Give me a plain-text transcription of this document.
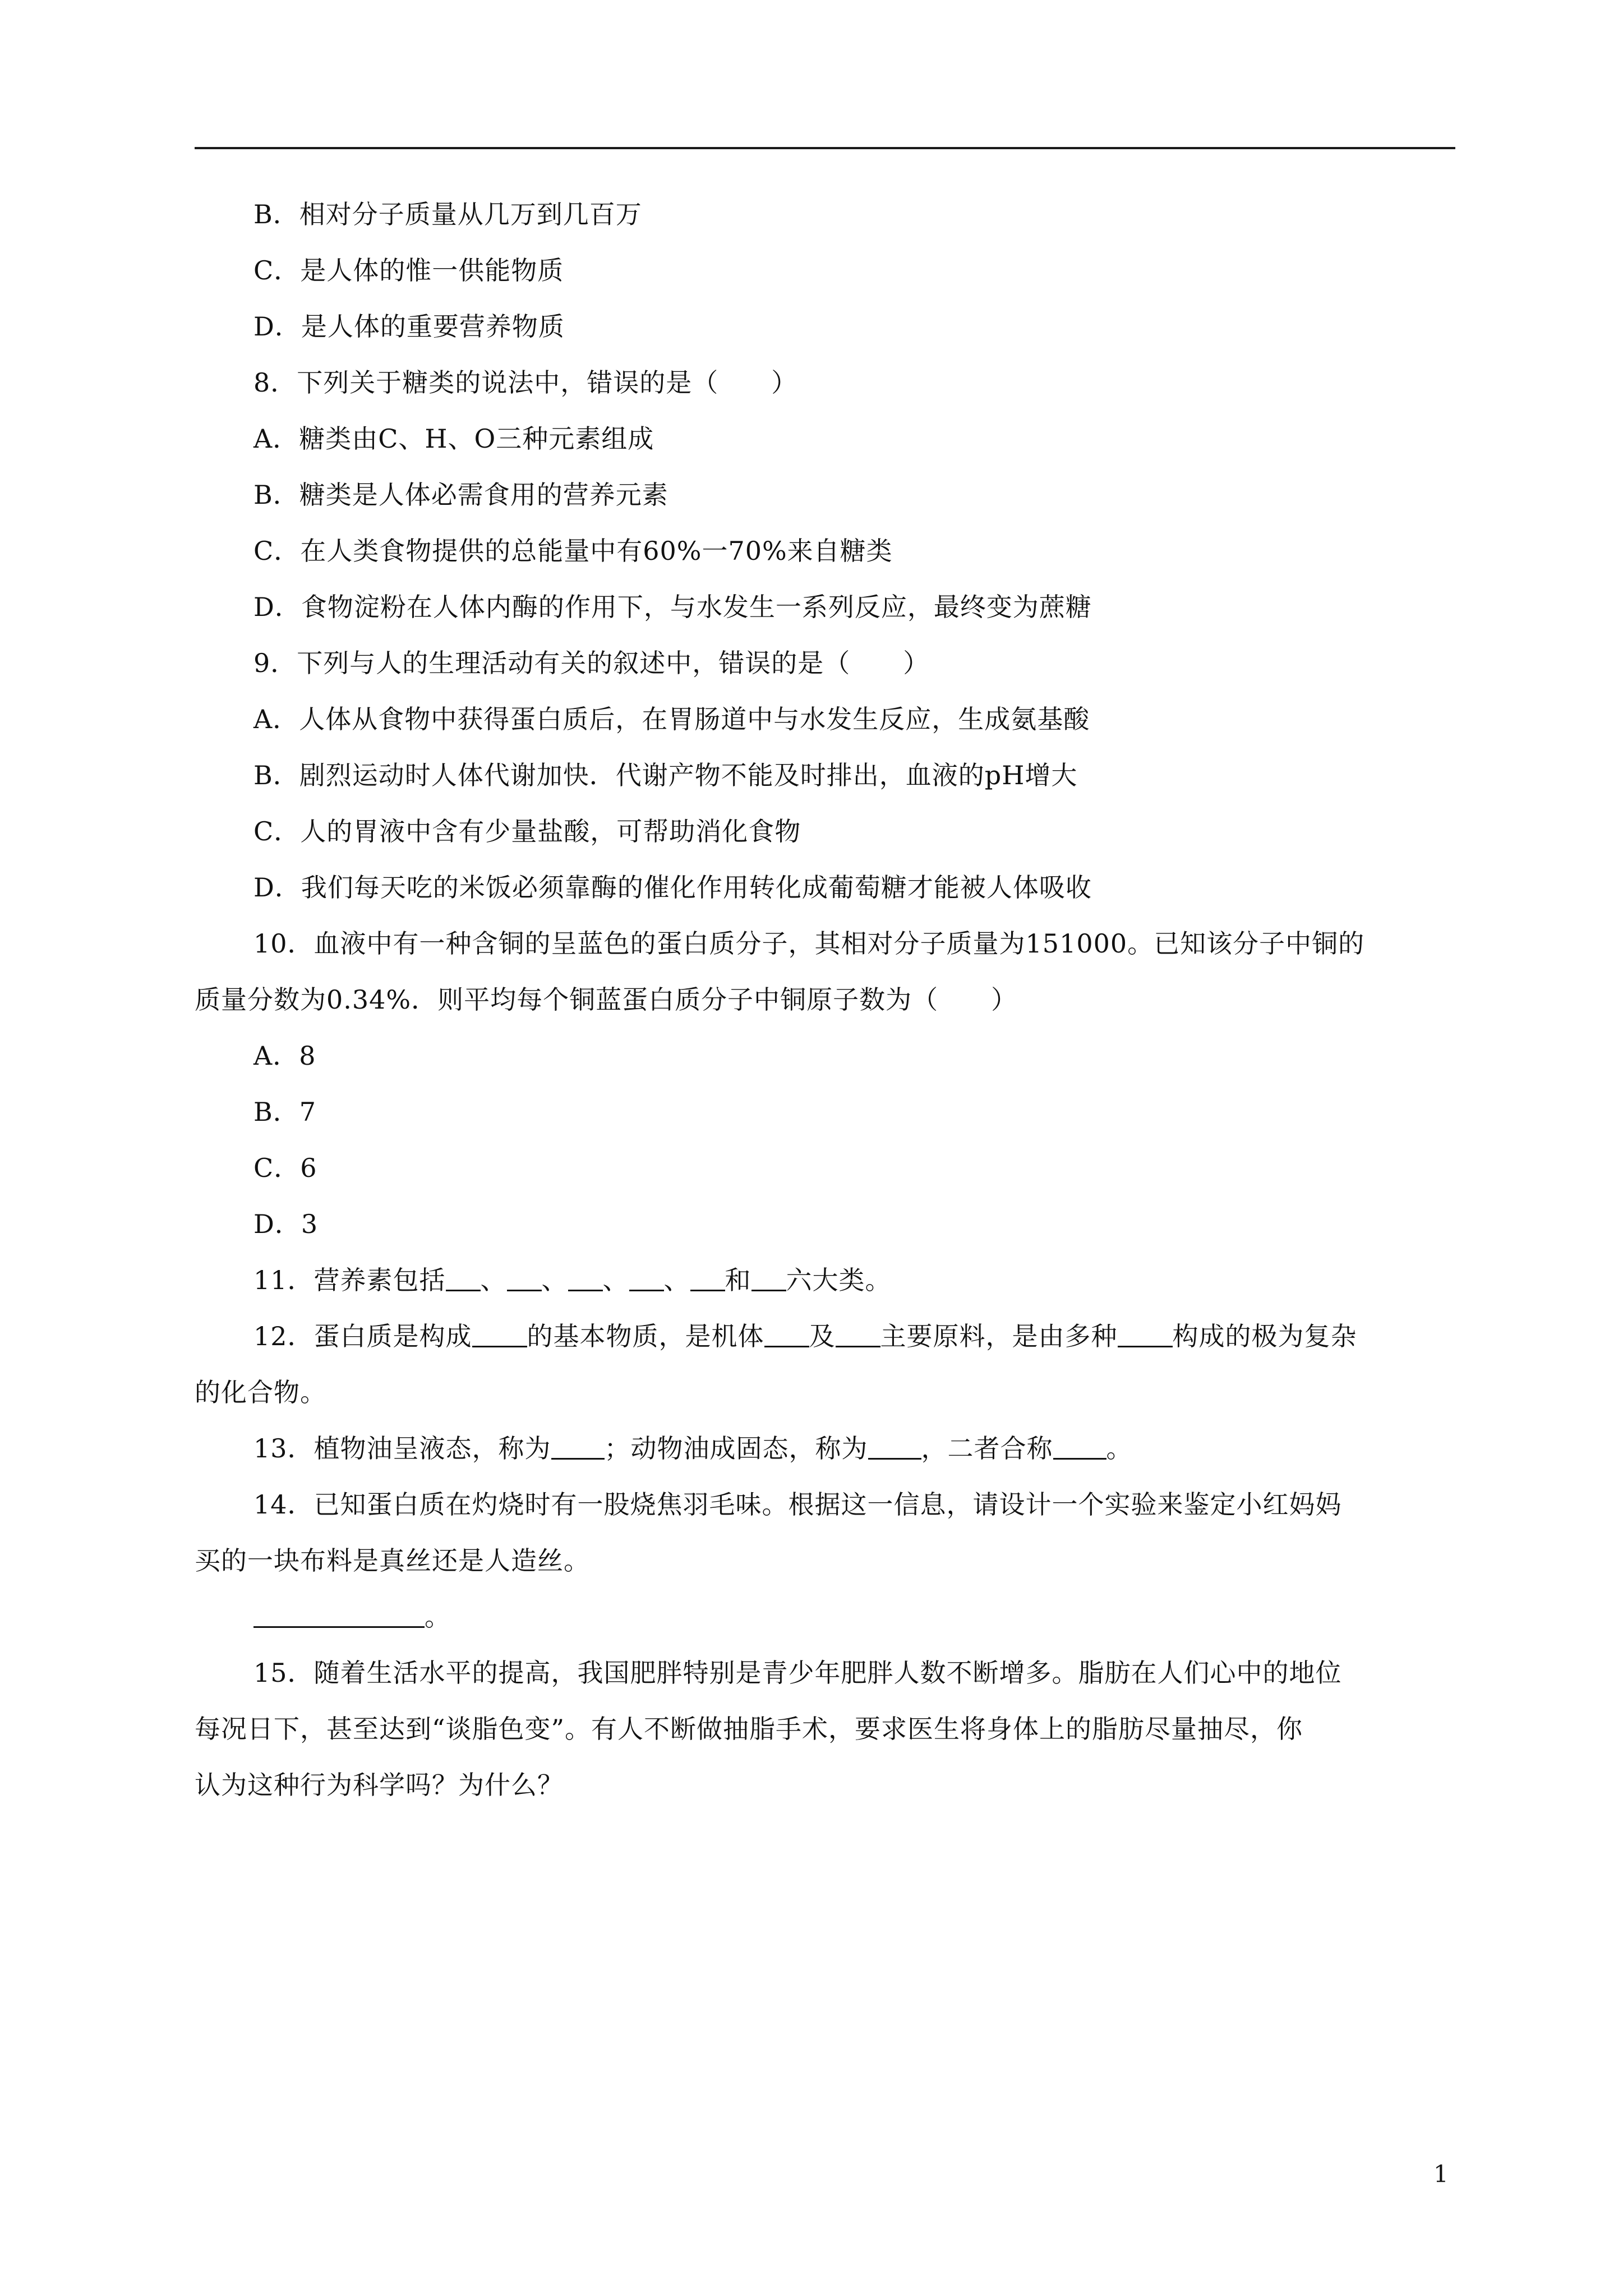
B．相对分子质量从几万到几百万
C．是人体的惟一供能物质
D．是人体的重要营养物质
8．下列关于糖类的说法中，错误的是（　　）
A．糖类由C、H、O三种元素组成
B．糖类是人体必需食用的营养元素
C．在人类食物提供的总能量中有60%一70%来自糖类
D．食物淀粉在人体内酶的作用下，与水发生一系列反应，最终变为蔗糖
9．下列与人的生理活动有关的叙述中，错误的是（　　）
A．人体从食物中获得蛋白质后，在胃肠道中与水发生反应，生成氨基酸
B．剧烈运动时人体代谢加快．代谢产物不能及时排出，血液的pH增大
C．人的胃液中含有少量盐酸，可帮助消化食物
D．我们每天吃的米饭必须靠酶的催化作用转化成葡萄糖才能被人体吸收
10．血液中有一种含铜的呈蓝色的蛋白质分子，其相对分子质量为151000。已知该分子中铜的
质量分数为0.34%．则平均每个铜蓝蛋白质分子中铜原子数为（　　）
A．8
B．7
C．6
D．3
11．营养素包括 、 、 、 、 和 六大类。
12．蛋白质是构成 的基本物质，是机体 及 主要原料，是由多种 构成的极为复杂
的化合物。
13．植物油呈液态，称为 ；动物油成固态，称为 ，二者合称 。
14．已知蛋白质在灼烧时有一股烧焦羽毛味。根据这一信息，请设计一个实验来鉴定小红妈妈
买的一块布料是真丝还是人造丝。
。
15．随着生活水平的提高，我国肥胖特别是青少年肥胖人数不断增多。脂肪在人们心中的地位
每况日下，甚至达到“谈脂色变”。有人不断做抽脂手术，要求医生将身体上的脂肪尽量抽尽，你
认为这种行为科学吗？为什么？
1
